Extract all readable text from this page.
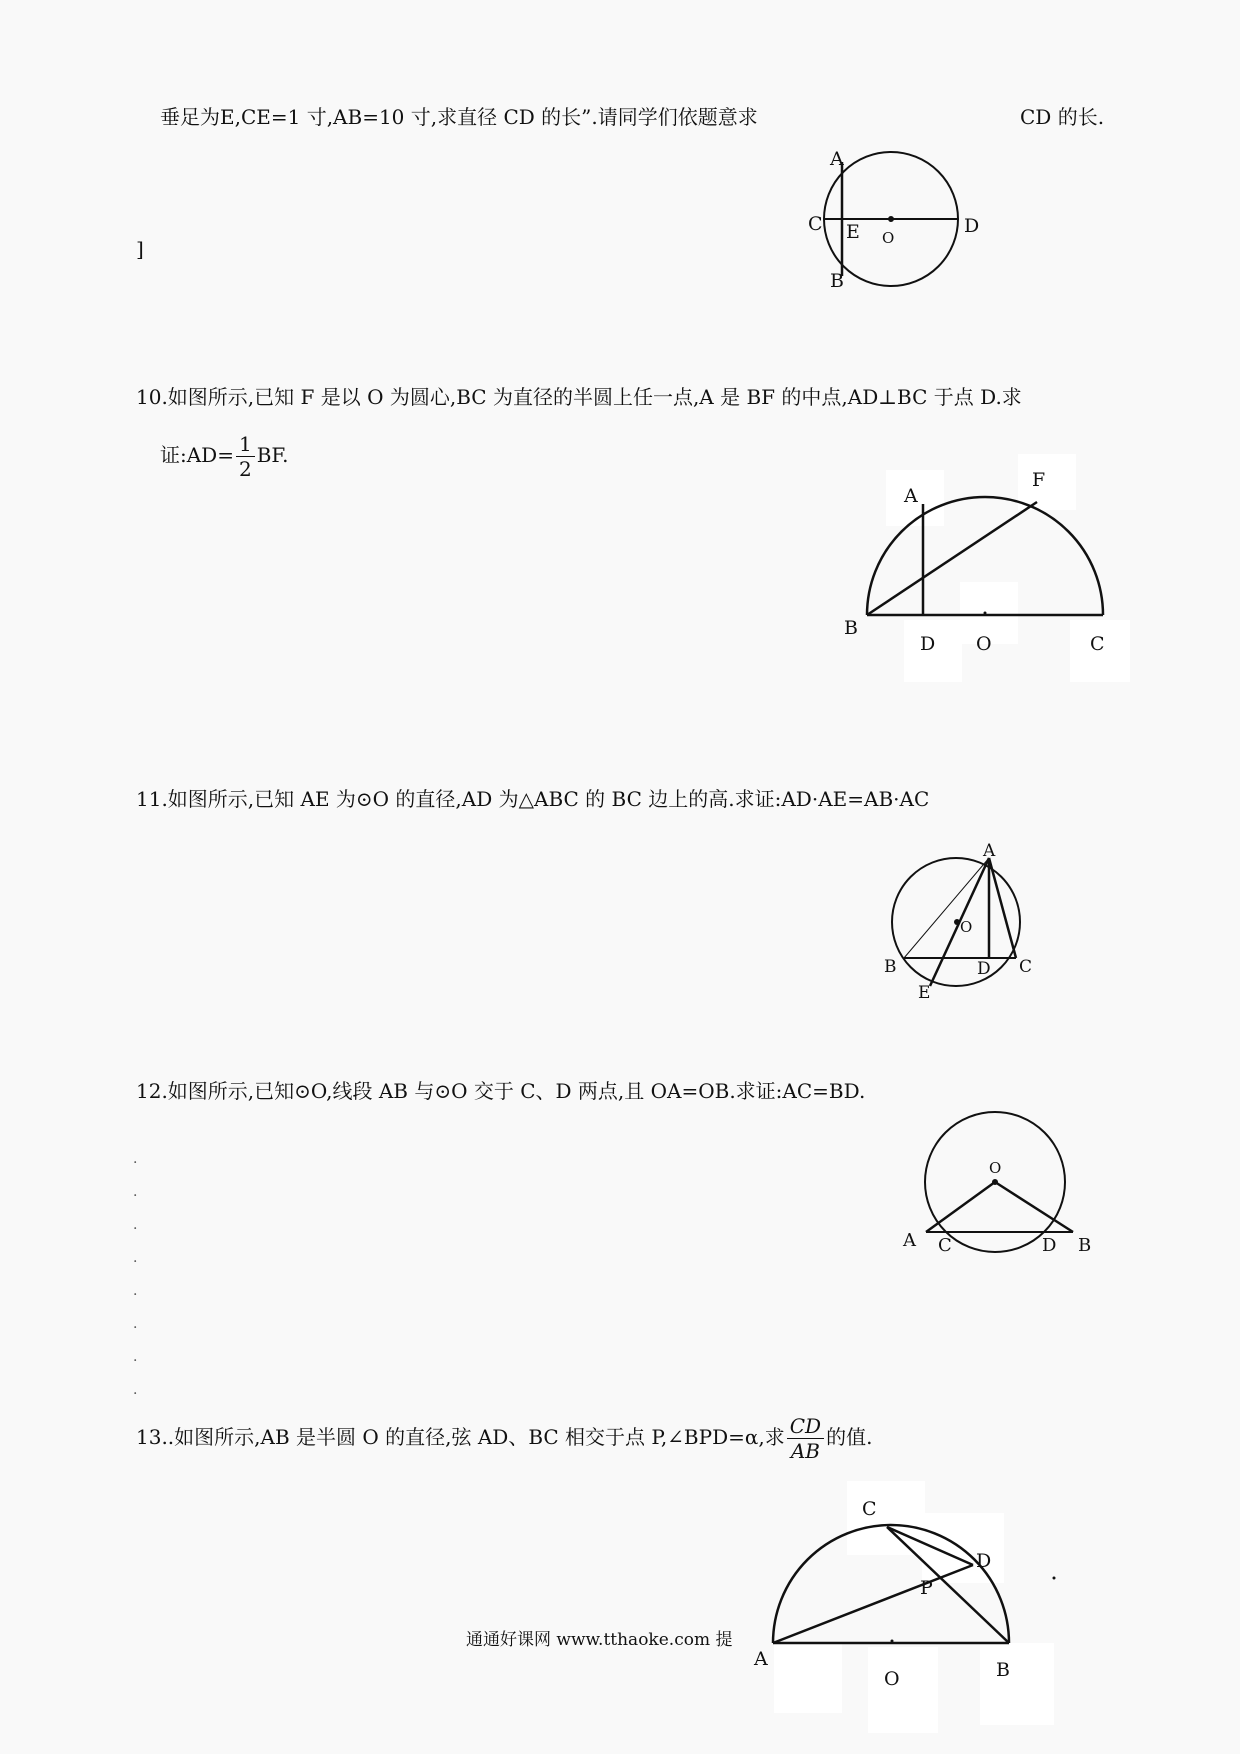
垂足为E,CE=1 寸,AB=10 寸,求直径 CD 的长”.请同学们依题意求	CD 的长.
]
A
B
C	D
E O
10.如图所示,已知 F 是以 O 为圆心,BC 为直径的半圆上任一点,A 是 BF 的中点,AD⊥BC 于点 D.求
证:AD= $\frac{1}{2}$ BF.
A
F
B
D O	C
11.如图所示,已知 AE 为⊙O 的直径,AD 为△ABC 的 BC 边上的高.求证:AD·AE=AB·AC
A
B	C
D
E
O
12.如图所示,已知⊙O,线段 AB 与⊙O 交于 C、D 两点,且 OA=OB.求证:AC=BD.
·
·
·
·
·
·
·
·
O
A C	D B
13..如图所示,AB 是半圆 O 的直径,弦 AD、BC 相交于点 P,∠BPD=α,求 $\frac{CD}{AB}$ 的值.
C
D
P
A
O	B
通通好课网 www.tthaoke.com 提
